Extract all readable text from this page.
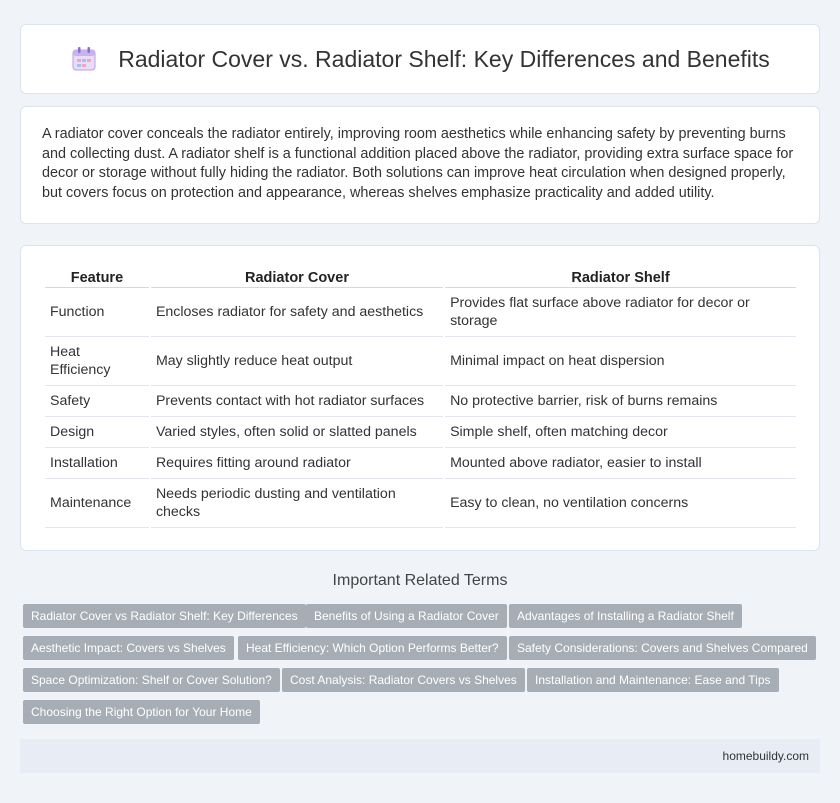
Radiator Cover vs. Radiator Shelf: Key Differences and Benefits

A radiator cover conceals the radiator entirely, improving room aesthetics while enhancing safety by preventing burns and collecting dust. A radiator shelf is a functional addition placed above the radiator, providing extra surface space for decor or storage without fully hiding the radiator. Both solutions can improve heat circulation when designed properly, but covers focus on protection and appearance, whereas shelves emphasize practicality and added utility.

Feature	Radiator Cover	Radiator Shelf
Function	Encloses radiator for safety and aesthetics	Provides flat surface above radiator for decor or storage
Heat Efficiency	May slightly reduce heat output	Minimal impact on heat dispersion
Safety	Prevents contact with hot radiator surfaces	No protective barrier, risk of burns remains
Design	Varied styles, often solid or slatted panels	Simple shelf, often matching decor
Installation	Requires fitting around radiator	Mounted above radiator, easier to install
Maintenance	Needs periodic dusting and ventilation checks	Easy to clean, no ventilation concerns
Important Related Terms
Radiator Cover vs Radiator Shelf: Key Differences	Benefits of Using a Radiator Cover	Advantages of Installing a Radiator Shelf
Aesthetic Impact: Covers vs Shelves	Heat Efficiency: Which Option Performs Better?	Safety Considerations: Covers and Shelves Compared
Space Optimization: Shelf or Cover Solution?	Cost Analysis: Radiator Covers vs Shelves	Installation and Maintenance: Ease and Tips
Choosing the Right Option for Your Home
homebuildy.com
